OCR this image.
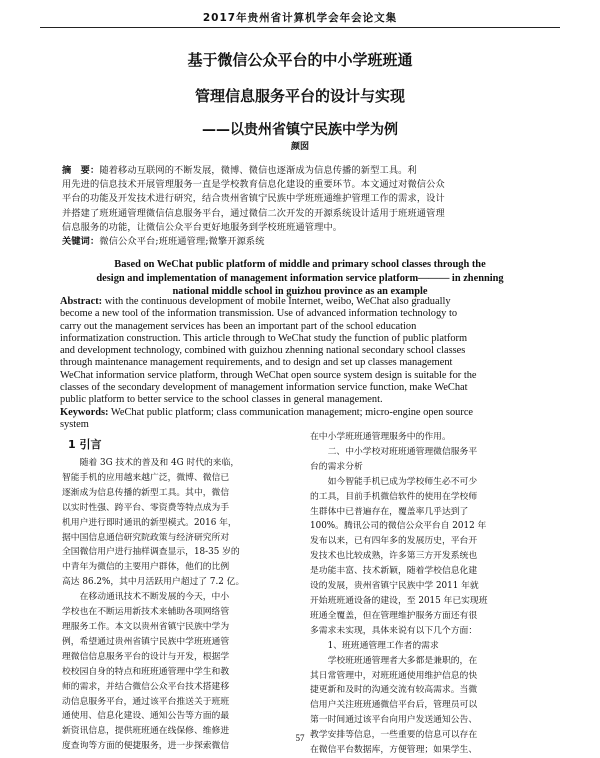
2017年贵州省计算机学会年会论文集
基于微信公众平台的中小学班班通
管理信息服务平台的设计与实现
——以贵州省镇宁民族中学为例
颜囡
摘　要：随着移动互联网的不断发展，微博、微信也逐渐成为信息传播的新型工具。利
用先进的信息技术开展管理服务一直是学校教育信息化建设的重要环节。本文通过对微信公众
平台的功能及开发技术进行研究，结合贵州省镇宁民族中学班班通维护管理工作的需求，设计
并搭建了班班通管理微信信息服务平台，通过微信二次开发的开源系统设计适用于班班通管理
信息服务的功能，让微信公众平台更好地服务到学校班班通管理中。
关键词：微信公众平台;班班通管理;微擎开源系统
Based on WeChat public platform of middle and primary school classes through the
design and implementation of management information service platform——— in zhenning
national middle school in guizhou province as an example
Abstract: with the continuous development of mobile Internet, weibo, WeChat also gradually
become a new tool of the information transmission. Use of advanced information technology to
carry out the management services has been an important part of the school education
informatization construction. This article through to WeChat study the function of public platform
and development technology, combined with guizhou zhenning national secondary school classes
through maintenance management requirements, and to design and set up classes management
WeChat information service platform, through WeChat open source system design is suitable for the
classes of the secondary development of management information service function, make WeChat
public platform to better service to the school classes in general management.
Keywords: WeChat public platform; class communication management; micro-engine open source
system
1 引言
　　随着 3G 技术的普及和 4G 时代的来临，
智能手机的应用越来越广泛，微博、微信已
逐渐成为信息传播的新型工具。其中，微信
以实时性强、跨平台、零资费等特点成为手
机用户进行即时通讯的新型模式。2016 年，
据中国信息通信研究院政策与经济研究所对
全国微信用户进行抽样调查显示，18-35 岁的
中青年为微信的主要用户群体，他们的比例
高达 86.2%，其中月活跃用户超过了 7.2 亿。
　　在移动通讯技术不断发展的今天，中小
学校也在不断运用新技术来辅助各项网络管
理服务工作。本文以贵州省镇宁民族中学为
例，希望通过贵州省镇宁民族中学班班通管
理微信信息服务平台的设计与开发，根据学
校校园自身的特点和班班通管理中学生和教
师的需求，并结合微信公众平台技术搭建移
动信息服务平台，通过该平台推送关于班班
通使用、信息化建设、通知公告等方面的最
新资讯信息，提供班班通在线保修、维修进
度查询等方面的便捷服务，进一步探索微信
在中小学班班通管理服务中的作用。
　　二、中小学校对班班通管理微信服务平
台的需求分析
　　如今智能手机已成为学校师生必不可少
的工具，目前手机微信软件的使用在学校师
生群体中已普遍存在，覆盖率几乎达到了
100%。腾讯公司的微信公众平台自 2012 年
发布以来，已有四年多的发展历史，平台开
发技术也比较成熟，许多第三方开发系统也
是功能丰富、技术新颖，随着学校信息化建
设的发展，贵州省镇宁民族中学 2011 年就
开始班班通设备的建设，至 2015 年已实现班
班通全覆盖，但在管理维护服务方面还有很
多需求未实现，具体来说有以下几个方面：
　　1、班班通管理工作者的需求
　　学校班班通管理者大多都是兼职的，在
其日常管理中，对班班通使用维护信息的快
捷更新和及时的沟通交流有较高需求。当微
信用户关注班班通微信平台后，管理员可以
第一时间通过该平台向用户发送通知公告、
教学安排等信息，一些重要的信息可以存在
在微信平台数据库，方便管理；如果学生、
57
